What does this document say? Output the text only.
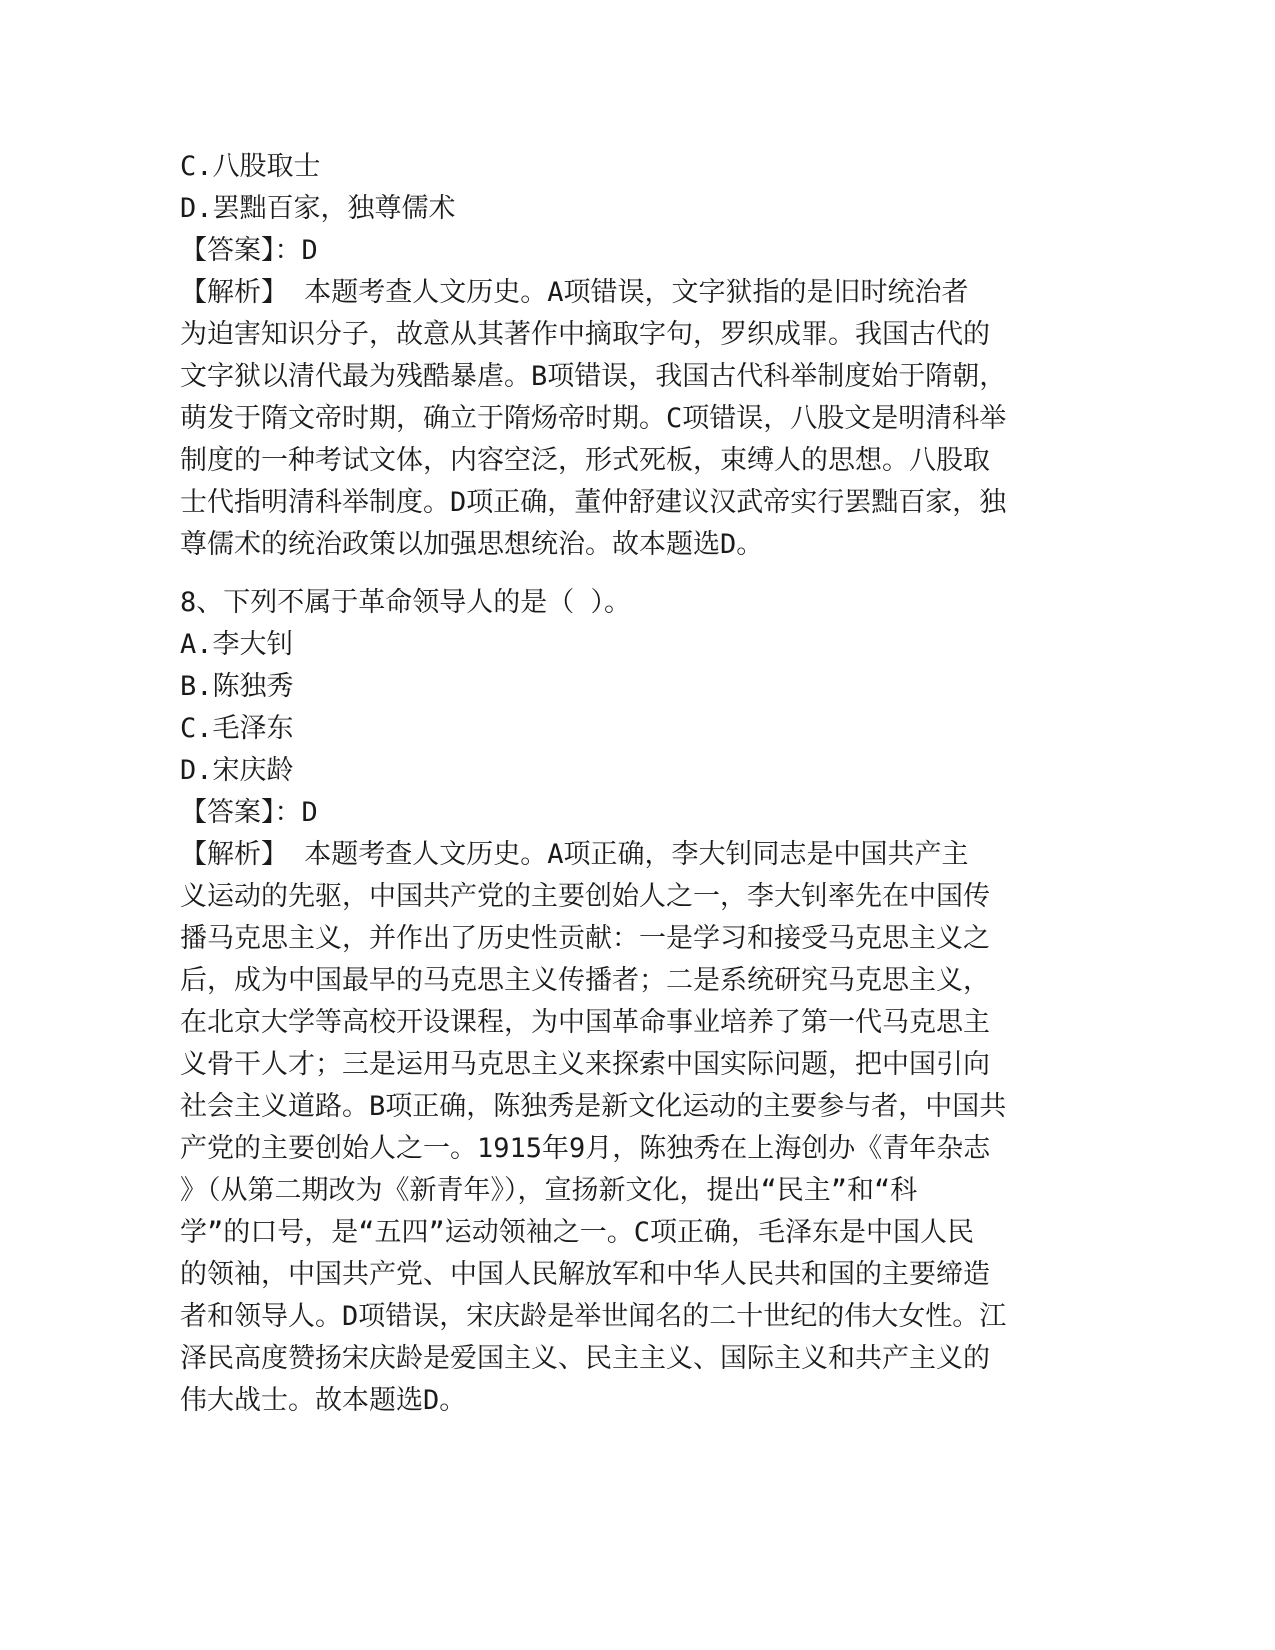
C.八股取士
D.罢黜百家，独尊儒术
【答案】：D
【解析】 本题考查人文历史。A项错误，文字狱指的是旧时统治者
为迫害知识分子，故意从其著作中摘取字句，罗织成罪。我国古代的
文字狱以清代最为残酷暴虐。B项错误，我国古代科举制度始于隋朝，
萌发于隋文帝时期，确立于隋炀帝时期。C项错误，八股文是明清科举
制度的一种考试文体，内容空泛，形式死板，束缚人的思想。八股取
士代指明清科举制度。D项正确，董仲舒建议汉武帝实行罢黜百家，独
尊儒术的统治政策以加强思想统治。故本题选D。
8、下列不属于革命领导人的是（ ）。
A.李大钊
B.陈独秀
C.毛泽东
D.宋庆龄
【答案】：D
【解析】 本题考查人文历史。A项正确，李大钊同志是中国共产主
义运动的先驱，中国共产党的主要创始人之一，李大钊率先在中国传
播马克思主义，并作出了历史性贡献：一是学习和接受马克思主义之
后，成为中国最早的马克思主义传播者；二是系统研究马克思主义，
在北京大学等高校开设课程，为中国革命事业培养了第一代马克思主
义骨干人才；三是运用马克思主义来探索中国实际问题，把中国引向
社会主义道路。B项正确，陈独秀是新文化运动的主要参与者，中国共
产党的主要创始人之一。1915年9月，陈独秀在上海创办《青年杂志
》（从第二期改为《新青年》），宣扬新文化，提出“民主”和“科
学”的口号，是“五四”运动领袖之一。C项正确，毛泽东是中国人民
的领袖，中国共产党、中国人民解放军和中华人民共和国的主要缔造
者和领导人。D项错误，宋庆龄是举世闻名的二十世纪的伟大女性。江
泽民高度赞扬宋庆龄是爱国主义、民主主义、国际主义和共产主义的
伟大战士。故本题选D。
